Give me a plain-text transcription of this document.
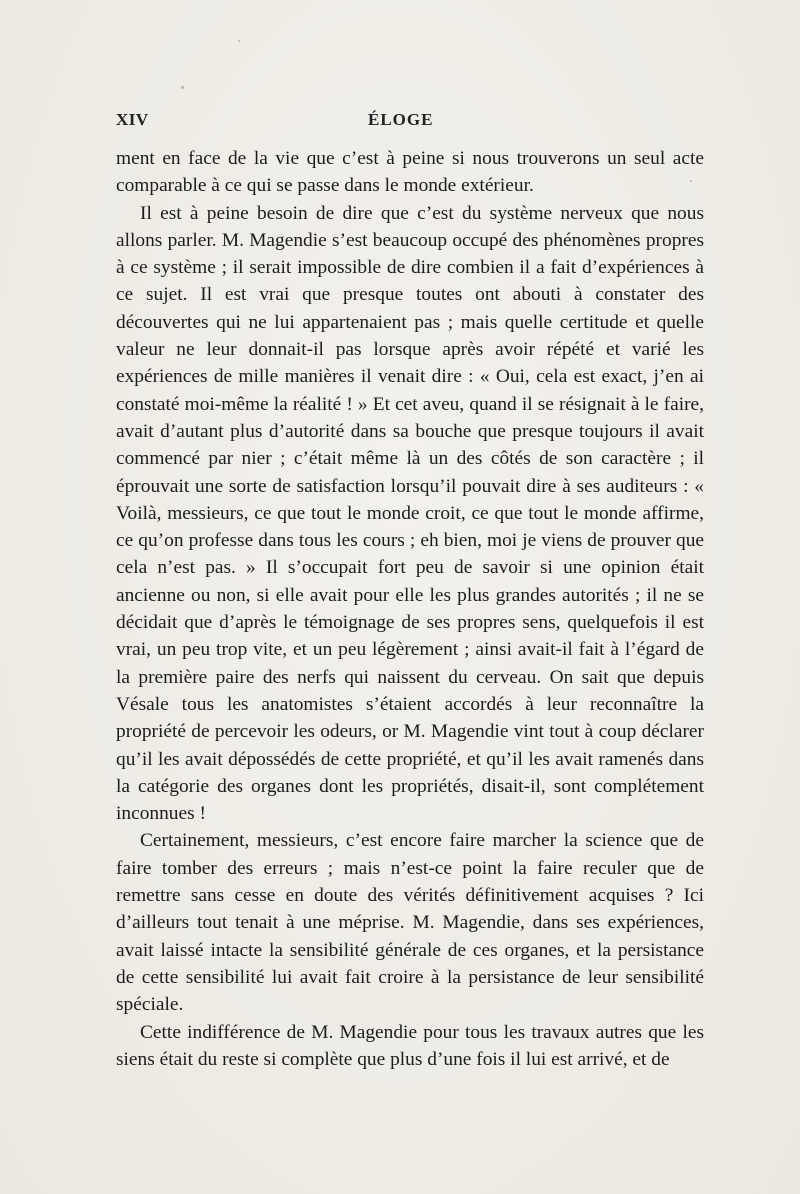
XIV	ÉLOGE

ment en face de la vie que c’est à peine si nous trouverons un seul acte comparable à ce qui se passe dans le monde extérieur.

Il est à peine besoin de dire que c’est du système nerveux que nous allons parler. M. Magendie s’est beaucoup occupé des phénomènes propres à ce système ; il serait impossible de dire combien il a fait d’expériences à ce sujet. Il est vrai que presque toutes ont abouti à constater des découvertes qui ne lui appartenaient pas ; mais quelle certitude et quelle valeur ne leur donnait-il pas lorsque après avoir répété et varié les expériences de mille manières il venait dire : « Oui, cela est exact, j’en ai constaté moi-même la réalité ! » Et cet aveu, quand il se résignait à le faire, avait d’autant plus d’autorité dans sa bouche que presque toujours il avait commencé par nier ; c’était même là un des côtés de son caractère ; il éprouvait une sorte de satisfaction lorsqu’il pouvait dire à ses auditeurs : « Voilà, messieurs, ce que tout le monde croit, ce que tout le monde affirme, ce qu’on professe dans tous les cours ; eh bien, moi je viens de prouver que cela n’est pas. » Il s’occupait fort peu de savoir si une opinion était ancienne ou non, si elle avait pour elle les plus grandes autorités ; il ne se décidait que d’après le témoignage de ses propres sens, quelquefois il est vrai, un peu trop vite, et un peu légèrement ; ainsi avait-il fait à l’égard de la première paire des nerfs qui naissent du cerveau. On sait que depuis Vésale tous les anatomistes s’étaient accordés à leur reconnaître la propriété de percevoir les odeurs, or M. Magendie vint tout à coup déclarer qu’il les avait dépossédés de cette propriété, et qu’il les avait ramenés dans la catégorie des organes dont les propriétés, disait-il, sont complétement inconnues !

Certainement, messieurs, c’est encore faire marcher la science que de faire tomber des erreurs ; mais n’est-ce point la faire reculer que de remettre sans cesse en doute des vérités définitivement acquises ? Ici d’ailleurs tout tenait à une méprise. M. Magendie, dans ses expériences, avait laissé intacte la sensibilité générale de ces organes, et la persistance de cette sensibilité lui avait fait croire à la persistance de leur sensibilité spéciale.

Cette indifférence de M. Magendie pour tous les travaux autres que les siens était du reste si complète que plus d’une fois il lui est arrivé, et de
